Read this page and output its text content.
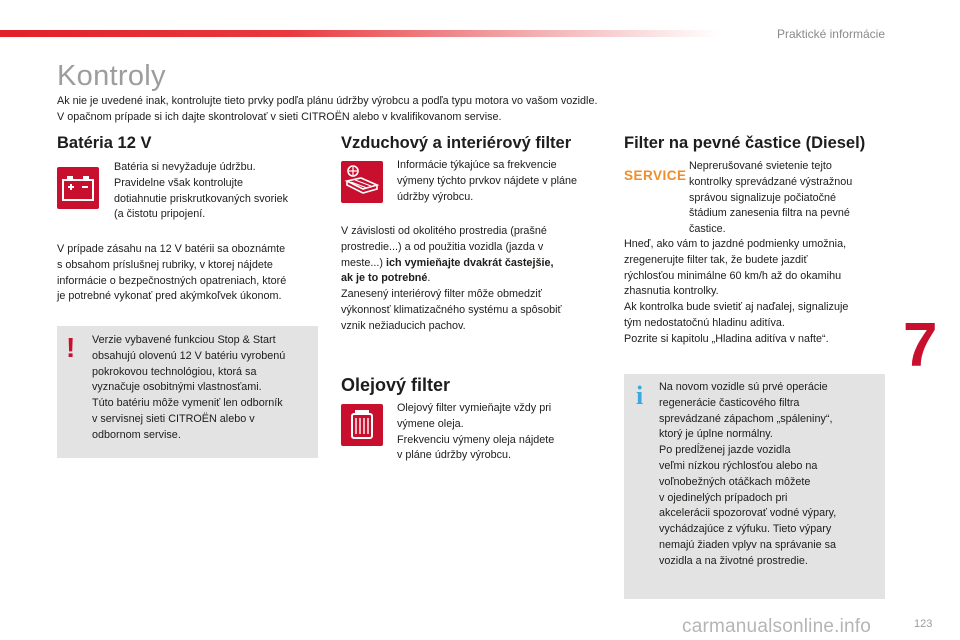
Praktické informácie
Kontroly

Ak nie je uvedené inak, kontrolujte tieto prvky podľa plánu údržby výrobcu a podľa typu motora vo vašom vozidle.
V opačnom prípade si ich dajte skontrolovať v sieti CITROËN alebo v kvalifikovanom servise.

Batéria 12 V

Batéria si nevyžaduje údržbu.
Pravidelne však kontrolujte
dotiahnutie priskrutkovaných svoriek
(a čistotu pripojení.

V prípade zásahu na 12 V batérii sa oboznámte
s obsahom príslušnej rubriky, v ktorej nájdete
informácie o bezpečnostných opatreniach, ktoré
je potrebné vykonať pred akýmkoľvek úkonom.

! Verzie vybavené funkciou Stop & Start
obsahujú olovenú 12 V batériu vyrobenú
pokrokovou technológiou, ktorá sa
vyznačuje osobitnými vlastnosťami.
Túto batériu môže vymeniť len odborník
v servisnej sieti CITROËN alebo v
odbornom servise.

Vzduchový a interiérový filter

Informácie týkajúce sa frekvencie
výmeny týchto prvkov nájdete v pláne
údržby výrobcu.

V závislosti od okolitého prostredia (prašné
prostredie...) a od použitia vozidla (jazda v
meste...) ich vymieňajte dvakrát častejšie,
ak je to potrebné.
Zanesený interiérový filter môže obmedziť
výkonnosť klimatizačného systému a spôsobiť
vznik nežiaducich pachov.

Olejový filter

Olejový filter vymieňajte vždy pri
výmene oleja.
Frekvenciu výmeny oleja nájdete
v pláne údržby výrobcu.

Filter na pevné častice (Diesel)
SERVICE

Neprerušované svietenie tejto
kontrolky sprevádzané výstražnou
správou signalizuje počiatočné
štádium zanesenia filtra na pevné
častice.

Hneď, ako vám to jazdné podmienky umožnia,
zregenerujte filter tak, že budete jazdiť
rýchlosťou minimálne 60 km/h až do okamihu
zhasnutia kontrolky.
Ak kontrolka bude svietiť aj naďalej, signalizuje
tým nedostatočnú hladinu aditíva.
Pozrite si kapitolu „Hladina aditíva v nafte“.

i Na novom vozidle sú prvé operácie
regenerácie časticového filtra
sprevádzané zápachom „spáleniny“,
ktorý je úplne normálny.
Po predĺženej jazde vozidla
veľmi nízkou rýchlosťou alebo na
voľnobežných otáčkach môžete
v ojedinelých prípadoch pri
akcelerácii spozorovať vodné výpary,
vychádzajúce z výfuku. Tieto výpary
nemajú žiaden vplyv na správanie sa
vozidla a na životné prostredie.

7
carmanualsonline.info	123
